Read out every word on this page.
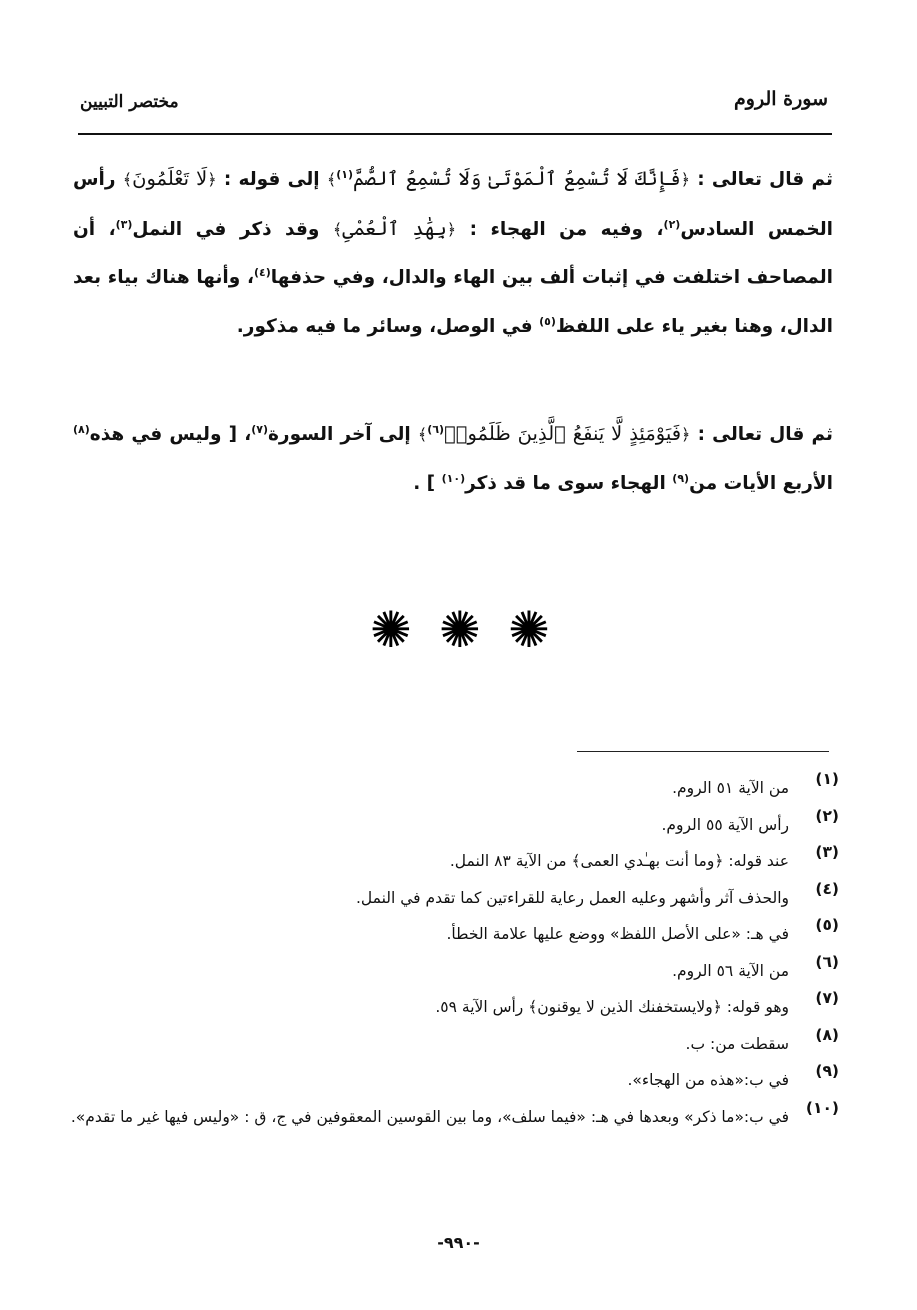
سورة الروم
مختصر التبيين
ثم قال تعالى : ﴿فَإِنَّكَ لَا تُسْمِعُ ٱلْمَوْتَىٰ وَلَا تُسْمِعُ ٱلصُّمَّ$^{(١)}$﴾ إلى قوله : ﴿لَا تَعْلَمُونَ﴾ رأس الخمس السادس$^{(٢)}$، وفيه من الهجاء : ﴿بِهَٰدِ ٱلْعُمْىِ﴾ وقد ذكر في النمل$^{(٣)}$، أن المصاحف اختلفت في إثبات ألف بين الهاء والدال، وفي حذفها$^{(٤)}$، وأنها هناك بياء بعد الدال، وهنا بغير ياء على اللفظ$^{(٥)}$ في الوصل، وسائر ما فيه مذكور.
ثم قال تعالى : ﴿فَيَوْمَئِذٍ لَّا يَنفَعُ ٱلَّذِينَ ظَلَمُوا۟$^{(٦)}$﴾ إلى آخر السورة$^{(٧)}$، [ وليس في هذه$^{(٨)}$ الأربع الأيات من$^{(٩)}$ الهجاء سوى ما قد ذكر$^{(١٠)}$ ] .
✺ ✺ ✺
(١)
من الآية ٥١ الروم.
(٢)
رأس الآية ٥٥ الروم.
(٣)
عند قوله: ﴿وما أنت بهـٰدي العمى﴾ من الآية ٨٣ النمل.
(٤)
والحذف آثر وأشهر وعليه العمل رعاية للقراءتين كما تقدم في النمل.
(٥)
في هـ: «على الأصل اللفظ» ووضع عليها علامة الخطأ.
(٦)
من الآية ٥٦ الروم.
(٧)
وهو قوله: ﴿ولايستخفنك الذين لا يوقنون﴾ رأس الآية ٥٩.
(٨)
سقطت من: ب.
(٩)
في ب:«هذه من الهجاء».
(١٠)
في ب:«ما ذكر» وبعدها في هـ: «فيما سلف»، وما بين القوسين المعقوفين في ج، ق : «وليس فيها غير ما تقدم».
-٩٩٠-
